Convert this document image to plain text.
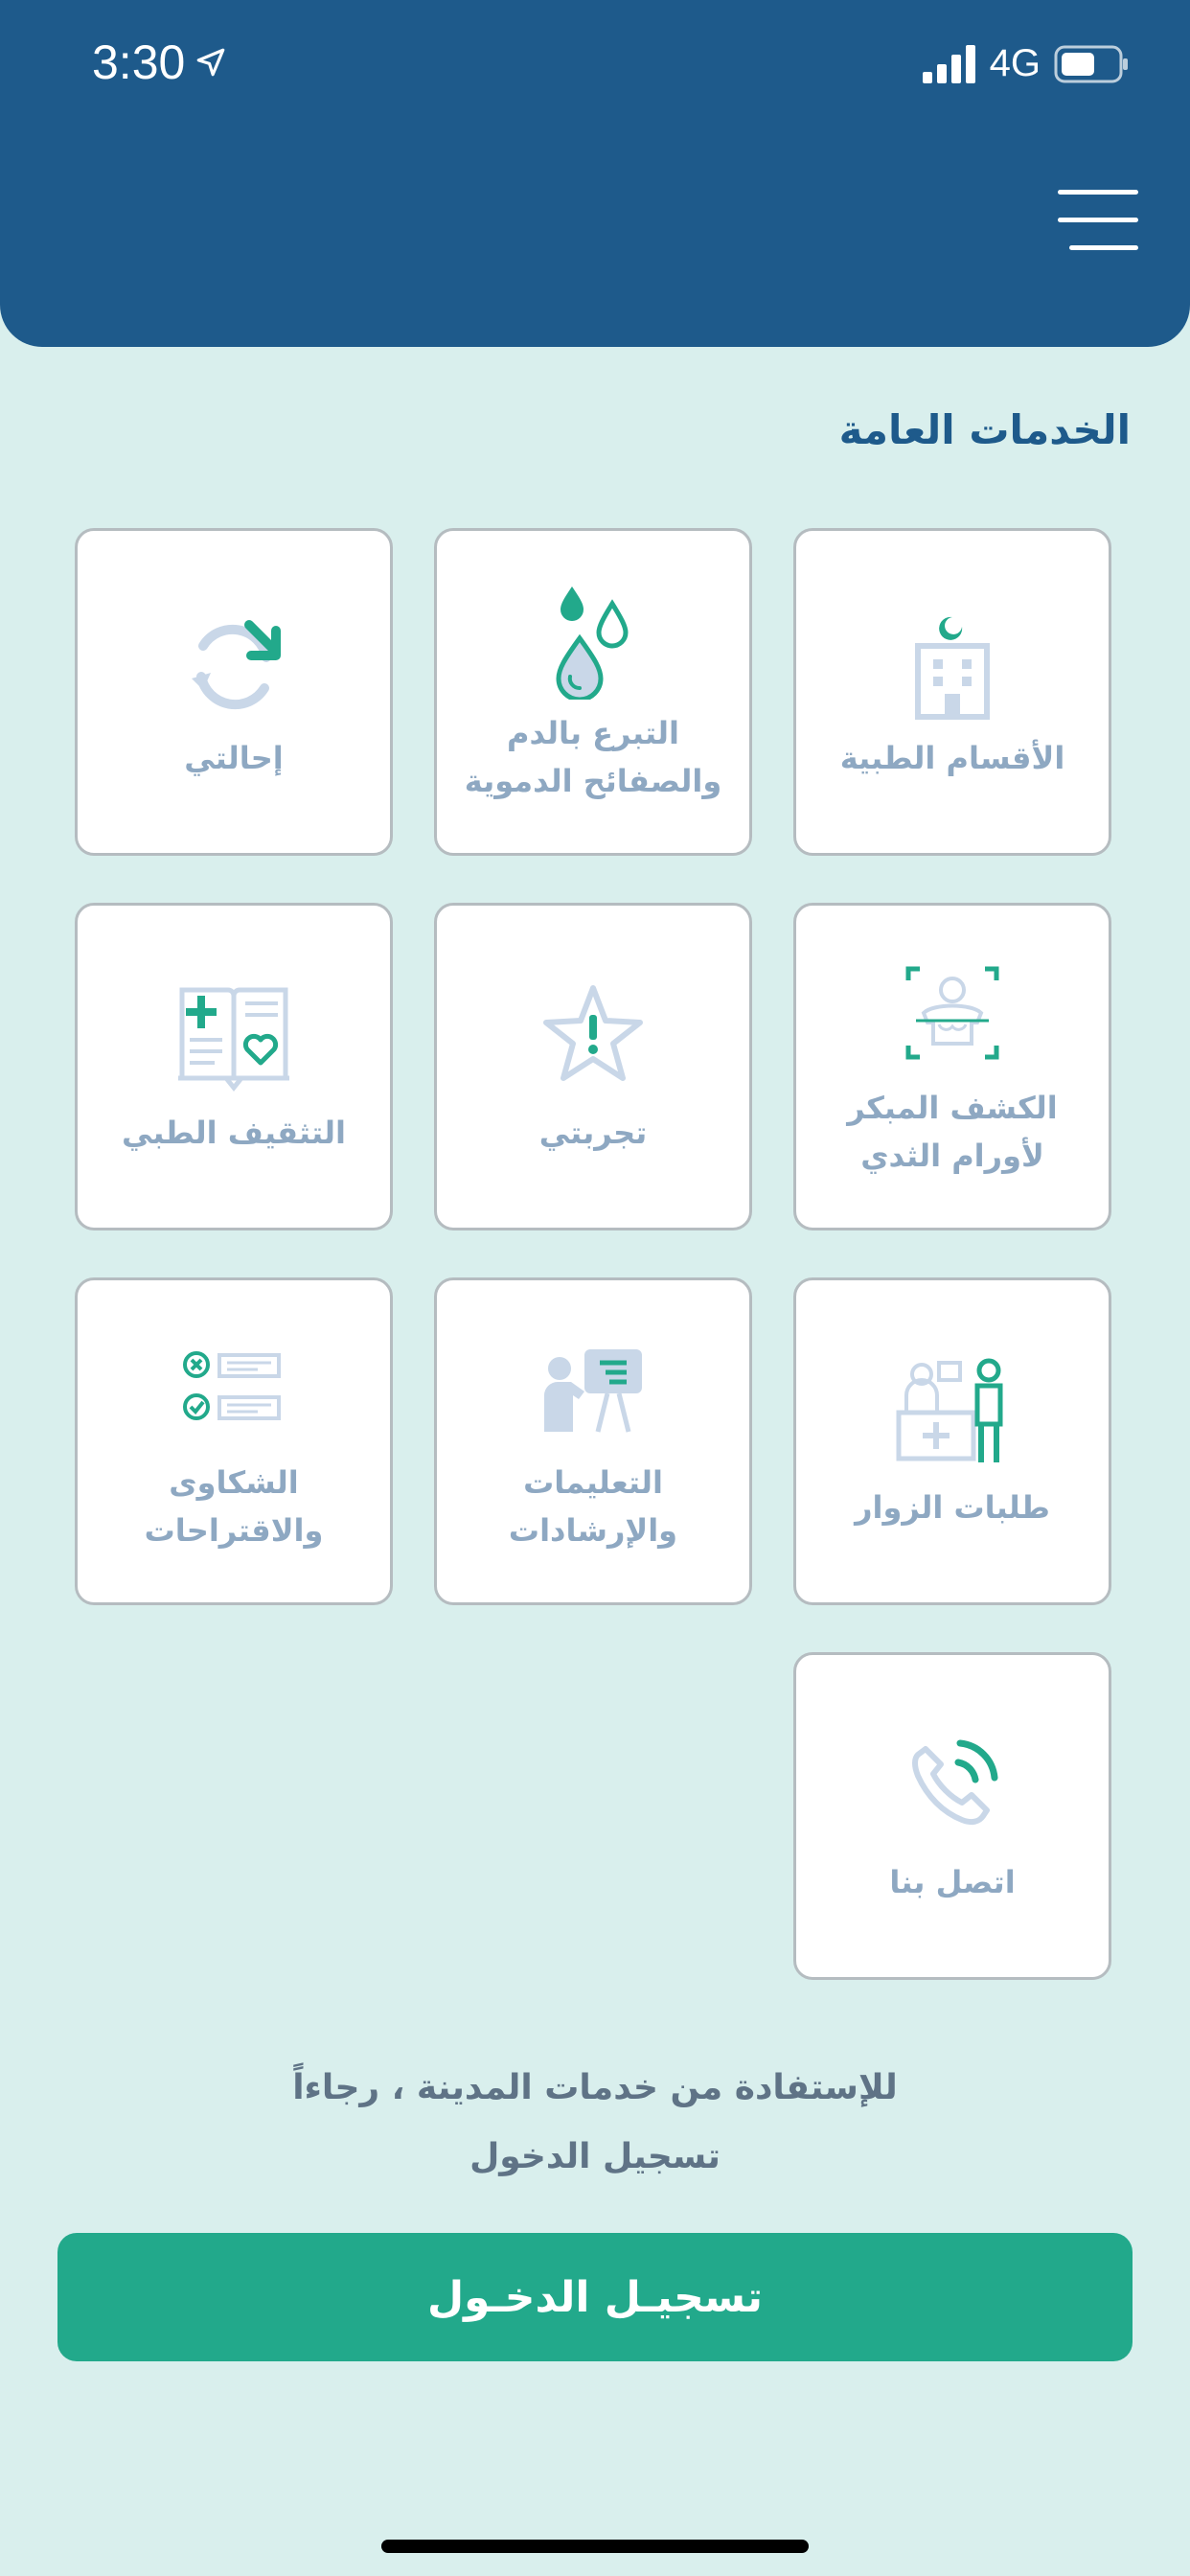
3:30	4G
الخدمات العامة
الأقسام الطبية
التبرع بالدم
والصفائح الدموية
إحالتي
الكشف المبكر
لأورام الثدي
تجربتي
التثقيف الطبي
طلبات الزوار
التعليمات
والإرشادات
الشكاوى
والاقتراحات
اتصل بنا
للإستفادة من خدمات المدينة ، رجاءاً
تسجيل الدخول
تسجيـل الدخـول
